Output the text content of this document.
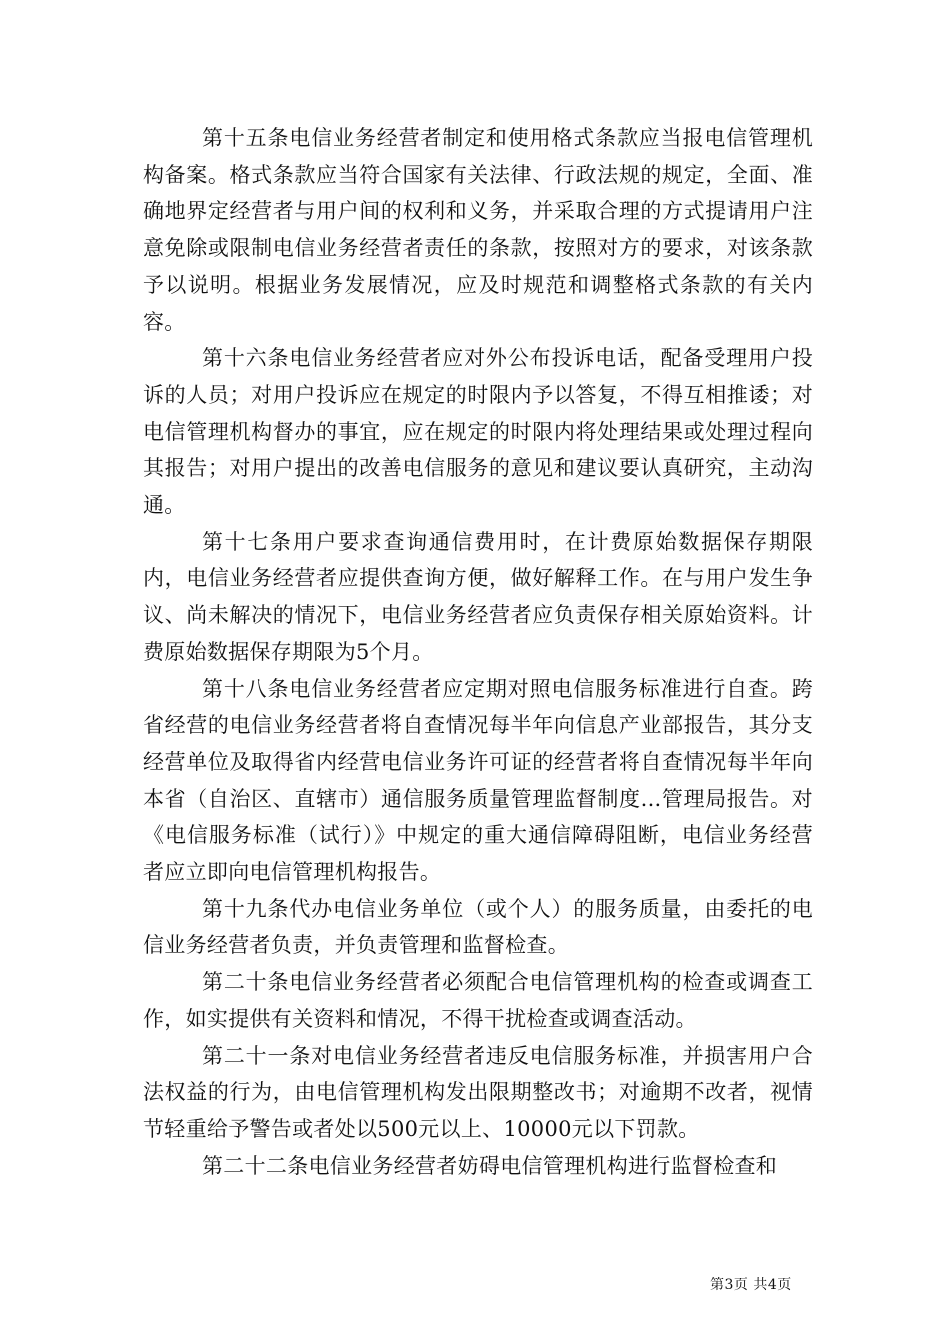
第十五条电信业务经营者制定和使用格式条款应当报电信管理机构备案。格式条款应当符合国家有关法律、行政法规的规定，全面、准确地界定经营者与用户间的权利和义务，并采取合理的方式提请用户注意免除或限制电信业务经营者责任的条款，按照对方的要求，对该条款予以说明。根据业务发展情况，应及时规范和调整格式条款的有关内容。

第十六条电信业务经营者应对外公布投诉电话，配备受理用户投诉的人员；对用户投诉应在规定的时限内予以答复，不得互相推诿；对电信管理机构督办的事宜，应在规定的时限内将处理结果或处理过程向其报告；对用户提出的改善电信服务的意见和建议要认真研究，主动沟通。

第十七条用户要求查询通信费用时，在计费原始数据保存期限内，电信业务经营者应提供查询方便，做好解释工作。在与用户发生争议、尚未解决的情况下，电信业务经营者应负责保存相关原始资料。计费原始数据保存期限为5个月。

第十八条电信业务经营者应定期对照电信服务标准进行自查。跨省经营的电信业务经营者将自查情况每半年向信息产业部报告，其分支经营单位及取得省内经营电信业务许可证的经营者将自查情况每半年向本省（自治区、直辖市）通信服务质量管理监督制度...管理局报告。对《电信服务标准（试行）》中规定的重大通信障碍阻断，电信业务经营者应立即向电信管理机构报告。

第十九条代办电信业务单位（或个人）的服务质量，由委托的电信业务经营者负责，并负责管理和监督检查。

第二十条电信业务经营者必须配合电信管理机构的检查或调查工作，如实提供有关资料和情况，不得干扰检查或调查活动。

第二十一条对电信业务经营者违反电信服务标准，并损害用户合法权益的行为，由电信管理机构发出限期整改书；对逾期不改者，视情节轻重给予警告或者处以500元以上、10000元以下罚款。

第二十二条电信业务经营者妨碍电信管理机构进行监督检查和

第3页 共4页
